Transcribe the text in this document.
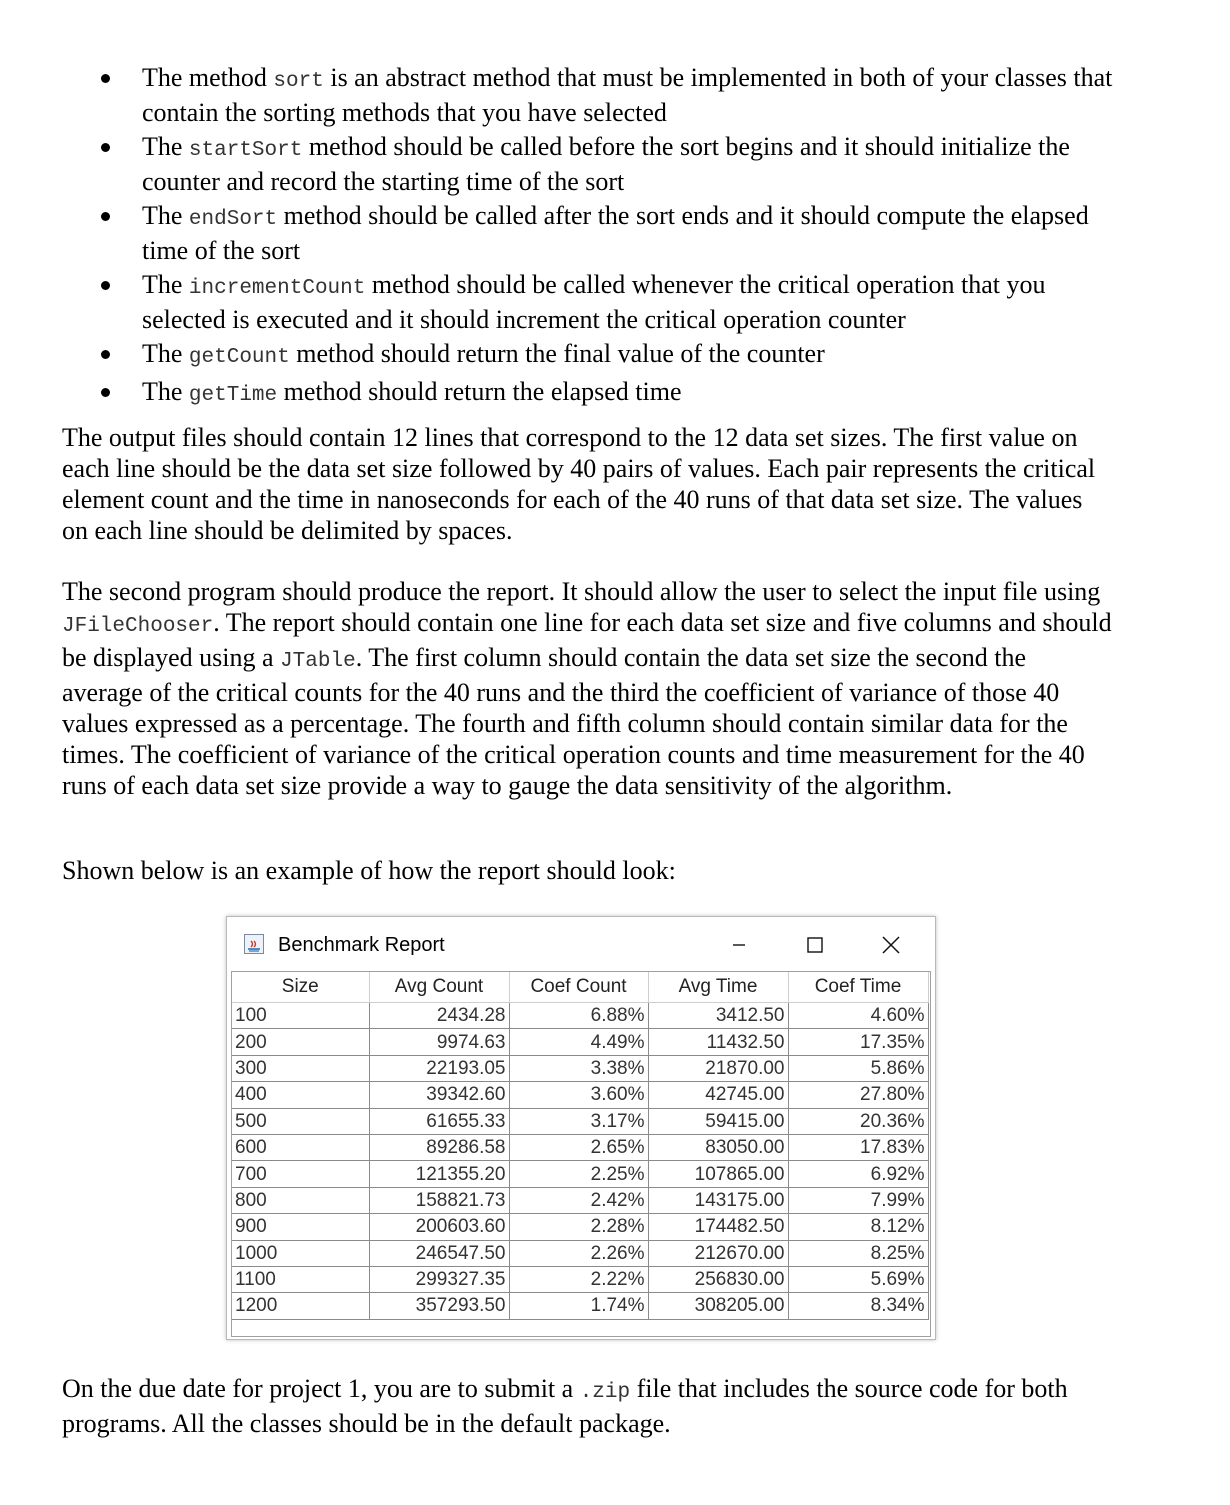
The method sort is an abstract method that must be implemented in both of your classes that contain the sorting methods that you have selected
The startSort method should be called before the sort begins and it should initialize the counter and record the starting time of the sort
The endSort method should be called after the sort ends and it should compute the elapsed time of the sort
The incrementCount method should be called whenever the critical operation that you selected is executed and it should increment the critical operation counter
The getCount method should return the final value of the counter
The getTime method should return the elapsed time

The output files should contain 12 lines that correspond to the 12 data set sizes. The first value on each line should be the data set size followed by 40 pairs of values. Each pair represents the critical element count and the time in nanoseconds for each of the 40 runs of that data set size. The values on each line should be delimited by spaces.

The second program should produce the report. It should allow the user to select the input file using JFileChooser. The report should contain one line for each data set size and five columns and should be displayed using a JTable. The first column should contain the data set size the second the average of the critical counts for the 40 runs and the third the coefficient of variance of those 40 values expressed as a percentage. The fourth and fifth column should contain similar data for the times. The coefficient of variance of the critical operation counts and time measurement for the 40 runs of each data set size provide a way to gauge the data sensitivity of the algorithm.

Shown below is an example of how the report should look:

Benchmark Report
Size	Avg Count	Coef Count	Avg Time	Coef Time
100	2434.28	6.88%	3412.50	4.60%
200	9974.63	4.49%	11432.50	17.35%
300	22193.05	3.38%	21870.00	5.86%
400	39342.60	3.60%	42745.00	27.80%
500	61655.33	3.17%	59415.00	20.36%
600	89286.58	2.65%	83050.00	17.83%
700	121355.20	2.25%	107865.00	6.92%
800	158821.73	2.42%	143175.00	7.99%
900	200603.60	2.28%	174482.50	8.12%
1000	246547.50	2.26%	212670.00	8.25%
1100	299327.35	2.22%	256830.00	5.69%
1200	357293.50	1.74%	308205.00	8.34%

On the due date for project 1, you are to submit a .zip file that includes the source code for both programs. All the classes should be in the default package.
